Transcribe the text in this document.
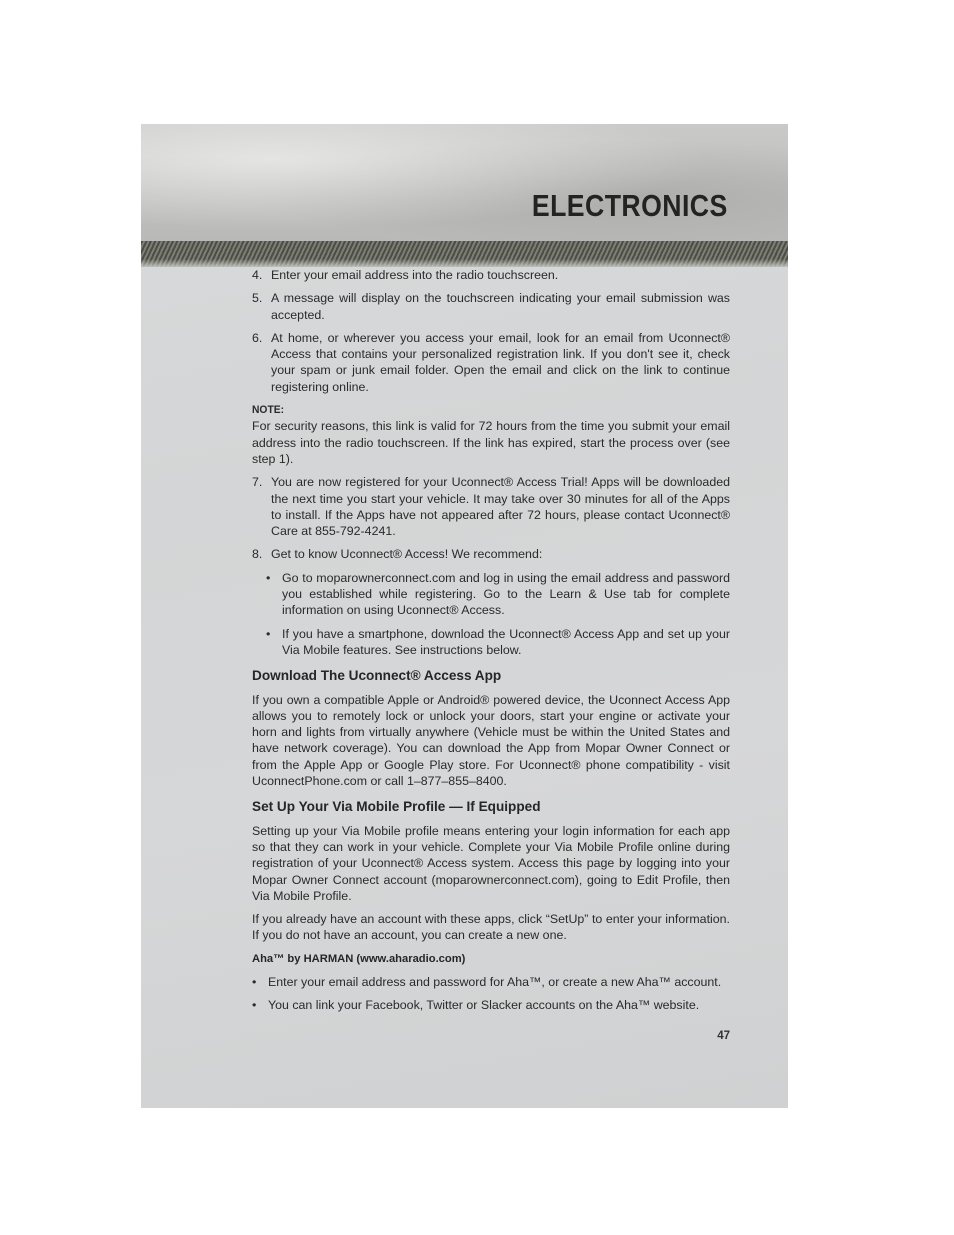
ELECTRONICS
4. Enter your email address into the radio touchscreen.
5. A message will display on the touchscreen indicating your email submission was accepted.
6. At home, or wherever you access your email, look for an email from Uconnect® Access that contains your personalized registration link. If you don't see it, check your spam or junk email folder. Open the email and click on the link to continue registering online.
NOTE:

For security reasons, this link is valid for 72 hours from the time you submit your email address into the radio touchscreen. If the link has expired, start the process over (see step 1).

7. You are now registered for your Uconnect® Access Trial! Apps will be downloaded the next time you start your vehicle. It may take over 30 minutes for all of the Apps to install. If the Apps have not appeared after 72 hours, please contact Uconnect® Care at 855-792-4241.
8. Get to know Uconnect® Access! We recommend:
• Go to moparownerconnect.com and log in using the email address and password you established while registering. Go to the Learn & Use tab for complete information on using Uconnect® Access.
• If you have a smartphone, download the Uconnect® Access App and set up your Via Mobile features. See instructions below.
Download The Uconnect® Access App

If you own a compatible Apple or Android® powered device, the Uconnect Access App allows you to remotely lock or unlock your doors, start your engine or activate your horn and lights from virtually anywhere (Vehicle must be within the United States and have network coverage). You can download the App from Mopar Owner Connect or from the Apple App or Google Play store. For Uconnect® phone compatibility - visit UconnectPhone.com or call 1–877–855–8400.

Set Up Your Via Mobile Profile — If Equipped

Setting up your Via Mobile profile means entering your login information for each app so that they can work in your vehicle. Complete your Via Mobile Profile online during registration of your Uconnect® Access system. Access this page by logging into your Mopar Owner Connect account (moparownerconnect.com), going to Edit Profile, then Via Mobile Profile.

If you already have an account with these apps, click “SetUp” to enter your information. If you do not have an account, you can create a new one.

Aha™ by HARMAN (www.aharadio.com)
• Enter your email address and password for Aha™, or create a new Aha™ account.
• You can link your Facebook, Twitter or Slacker accounts on the Aha™ website.
47
